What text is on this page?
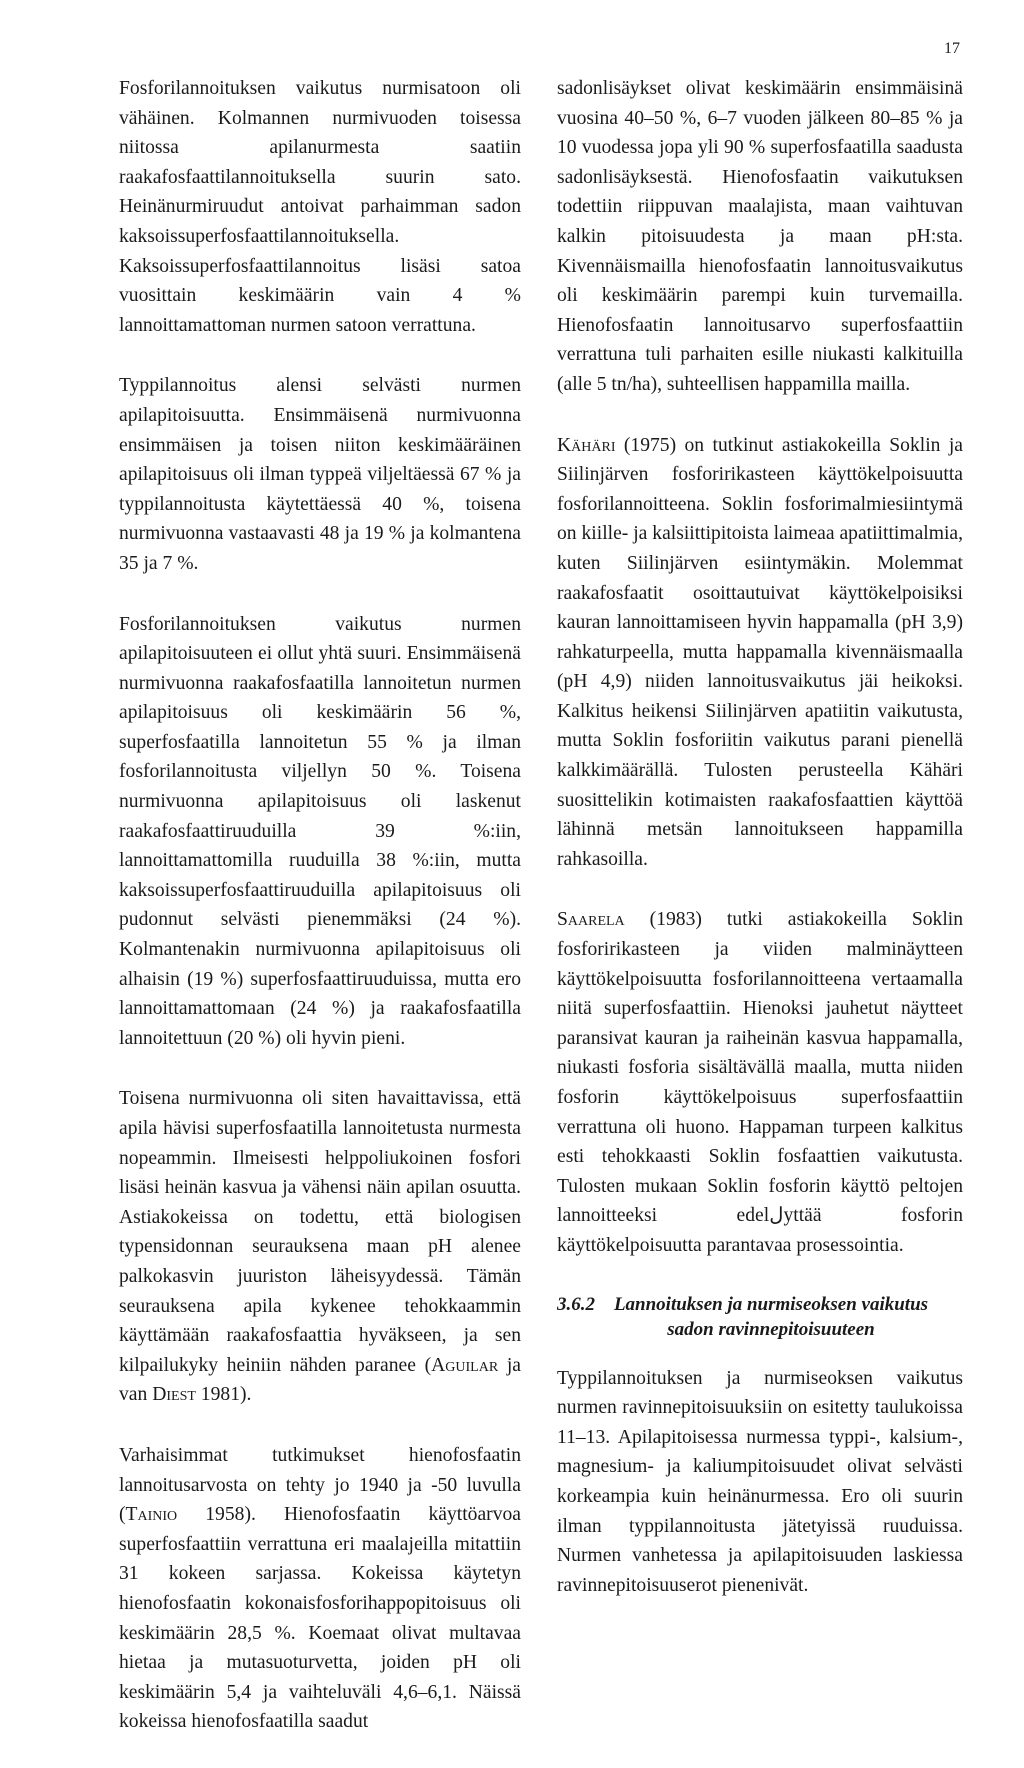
17

Fosforilannoituksen vaikutus nurmisatoon oli vähäinen. Kolmannen nurmivuoden toisessa niitossa apilanurmesta saatiin raakafosfaattilannoituksella suurin sato. Heinänurmiruudut antoivat parhaimman sadon kaksoissuperfosfaattilannoituksella. Kaksoissuperfosfaattilannoitus lisäsi satoa vuosittain keskimäärin vain 4 % lannoittamattoman nurmen satoon verrattuna.

Typpilannoitus alensi selvästi nurmen apilapitoisuutta. Ensimmäisenä nurmivuonna ensimmäisen ja toisen niiton keskimääräinen apilapitoisuus oli ilman typpeä viljeltäessä 67 % ja typpilannoitusta käytettäessä 40 %, toisena nurmivuonna vastaavasti 48 ja 19 % ja kolmantena 35 ja 7 %.

Fosforilannoituksen vaikutus nurmen apilapitoisuuteen ei ollut yhtä suuri. Ensimmäisenä nurmivuonna raakafosfaatilla lannoitetun nurmen apilapitoisuus oli keskimäärin 56 %, superfosfaatilla lannoitetun 55 % ja ilman fosforilannoitusta viljellyn 50 %. Toisena nurmivuonna apilapitoisuus oli laskenut raakafosfaattiruuduilla 39 %:iin, lannoittamattomilla ruuduilla 38 %:iin, mutta kaksoissuperfosfaattiruuduilla apilapitoisuus oli pudonnut selvästi pienemmäksi (24 %). Kolmantenakin nurmivuonna apilapitoisuus oli alhaisin (19 %) superfosfaattiruuduissa, mutta ero lannoittamattomaan (24 %) ja raakafosfaatilla lannoitettuun (20 %) oli hyvin pieni.

Toisena nurmivuonna oli siten havaittavissa, että apila hävisi superfosfaatilla lannoitetusta nurmesta nopeammin. Ilmeisesti helppoliukoinen fosfori lisäsi heinän kasvua ja vähensi näin apilan osuutta. Astiakokeissa on todettu, että biologisen typensidonnan seurauksena maan pH alenee palkokasvin juuriston läheisyydessä. Tämän seurauksena apila kykenee tehokkaammin käyttämään raakafosfaattia hyväkseen, ja sen kilpailukyky heiniin nähden paranee (Aguilar ja van Diest 1981).

Varhaisimmat tutkimukset hienofosfaatin lannoitusarvosta on tehty jo 1940 ja -50 luvulla (Tainio 1958). Hienofosfaatin käyttöarvoa superfosfaattiin verrattuna eri maalajeilla mitattiin 31 kokeen sarjassa. Kokeissa käytetyn hienofosfaatin kokonaisfosforihappopitoisuus oli keskimäärin 28,5 %. Koemaat olivat multavaa hietaa ja mutasuoturvetta, joiden pH oli keskimäärin 5,4 ja vaihteluväli 4,6–6,1. Näissä kokeissa hienofosfaatilla saadut

sadonlisäykset olivat keskimäärin ensimmäisinä vuosina 40–50 %, 6–7 vuoden jälkeen 80–85 % ja 10 vuodessa jopa yli 90 % superfosfaatilla saadusta sadonlisäyksestä. Hienofosfaatin vaikutuksen todettiin riippuvan maalajista, maan vaihtuvan kalkin pitoisuudesta ja maan pH:sta. Kivennäismailla hienofosfaatin lannoitusvaikutus oli keskimäärin parempi kuin turvemailla. Hienofosfaatin lannoitusarvo superfosfaattiin verrattuna tuli parhaiten esille niukasti kalkituilla (alle 5 tn/ha), suhteellisen happamilla mailla.

Kähäri (1975) on tutkinut astiakokeilla Soklin ja Siilinjärven fosforirikasteen käyttökelpoisuutta fosforilannoitteena. Soklin fosforimalmiesiintymä on kiille- ja kalsiittipitoista laimeaa apatiittimalmia, kuten Siilinjärven esiintymäkin. Molemmat raakafosfaatit osoittautuivat käyttökelpoisiksi kauran lannoittamiseen hyvin happamalla (pH 3,9) rahkaturpeella, mutta happamalla kivennäismaalla (pH 4,9) niiden lannoitusvaikutus jäi heikoksi. Kalkitus heikensi Siilinjärven apatiitin vaikutusta, mutta Soklin fosforiitin vaikutus parani pienellä kalkkimäärällä. Tulosten perusteella Kähäri suosittelikin kotimaisten raakafosfaattien käyttöä lähinnä metsän lannoitukseen happamilla rahkasoilla.

Saarela (1983) tutki astiakokeilla Soklin fosforirikasteen ja viiden malminäytteen käyttökelpoisuutta fosforilannoitteena vertaamalla niitä superfosfaattiin. Hienoksi jauhetut näytteet paransivat kauran ja raiheinän kasvua happamalla, niukasti fosforia sisältävällä maalla, mutta niiden fosforin käyttökelpoisuus superfosfaattiin verrattuna oli huono. Happaman turpeen kalkitus esti tehokkaasti Soklin fosfaattien vaikutusta. Tulosten mukaan Soklin fosforin käyttö peltojen lannoitteeksi edelلyttää fosforin käyttökelpoisuutta parantavaa prosessointia.

3.6.2 Lannoituksen ja nurmiseoksen vaikutus sadon ravinnepitoisuuteen

Typpilannoituksen ja nurmiseoksen vaikutus nurmen ravinnepitoisuuksiin on esitetty taulukoissa 11–13. Apilapitoisessa nurmessa typpi-, kalsium-, magnesium- ja kaliumpitoisuudet olivat selvästi korkeampia kuin heinänurmessa. Ero oli suurin ilman typpilannoitusta jätetyissä ruuduissa. Nurmen vanhetessa ja apilapitoisuuden laskiessa ravinnepitoisuuserot pienenivät.
